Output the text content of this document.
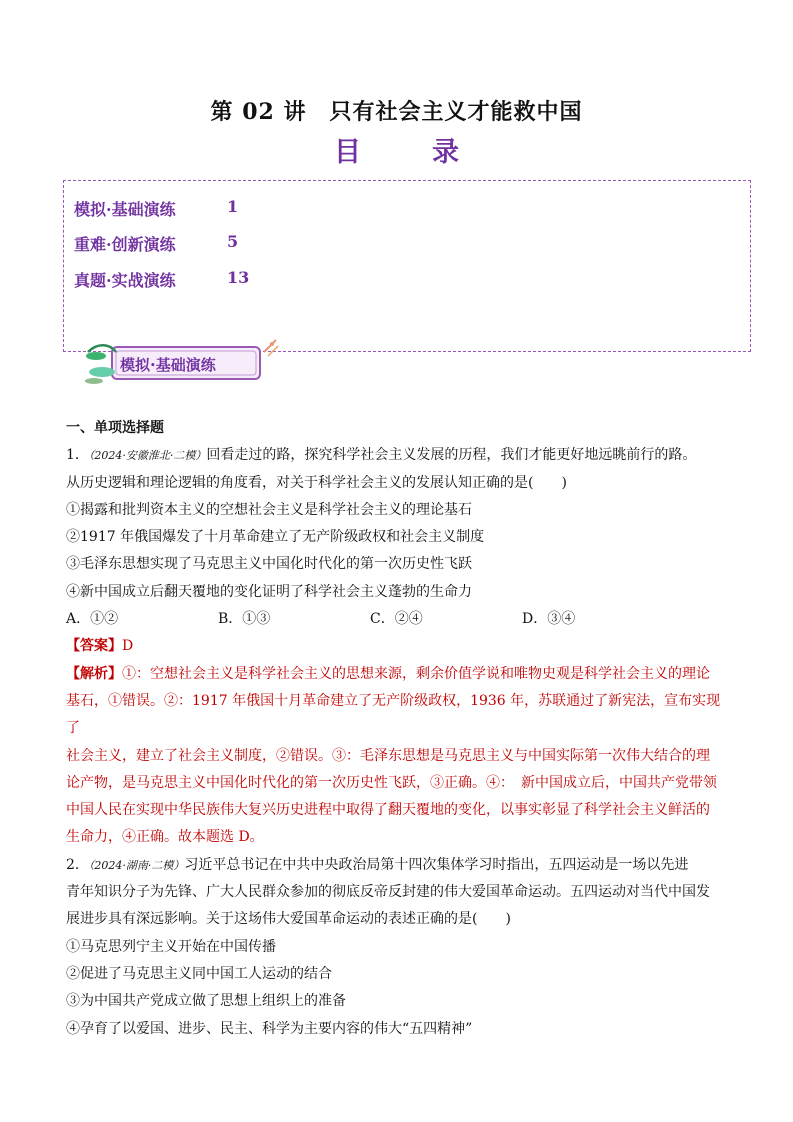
第 02 讲　只有社会主义才能救中国
目　录
模拟·基础演练	1
重难·创新演练	5
真题·实战演练	13
模拟·基础演练

一、单项选择题

1．（2024·安徽淮北·二模）回看走过的路，探究科学社会主义发展的历程，我们才能更好地远眺前行的路。

从历史逻辑和理论逻辑的角度看，对关于科学社会主义的发展认知正确的是(　　)

①揭露和批判资本主义的空想社会主义是科学社会主义的理论基石

②1917 年俄国爆发了十月革命建立了无产阶级政权和社会主义制度

③毛泽东思想实现了马克思主义中国化时代化的第一次历史性飞跃

④新中国成立后翻天覆地的变化证明了科学社会主义蓬勃的生命力

A．①②	B．①③	C．②④	D．③④

【答案】D

【解析】①：空想社会主义是科学社会主义的思想来源，剩余价值学说和唯物史观是科学社会主义的理论

基石，①错误。②：1917 年俄国十月革命建立了无产阶级政权，1936 年，苏联通过了新宪法，宣布实现了

社会主义，建立了社会主义制度，②错误。③：毛泽东思想是马克思主义与中国实际第一次伟大结合的理

论产物，是马克思主义中国化时代化的第一次历史性飞跃，③正确。④：　新中国成立后，中国共产党带领

中国人民在实现中华民族伟大复兴历史进程中取得了翻天覆地的变化，以事实彰显了科学社会主义鲜活的

生命力，④正确。故本题选 D。

2．（2024·湖南·二模）习近平总书记在中共中央政治局第十四次集体学习时指出，五四运动是一场以先进

青年知识分子为先锋、广大人民群众参加的彻底反帝反封建的伟大爱国革命运动。五四运动对当代中国发

展进步具有深远影响。关于这场伟大爱国革命运动的表述正确的是(　　)

①马克思列宁主义开始在中国传播

②促进了马克思主义同中国工人运动的结合

③为中国共产党成立做了思想上组织上的准备

④孕育了以爱国、进步、民主、科学为主要内容的伟大“五四精神”
